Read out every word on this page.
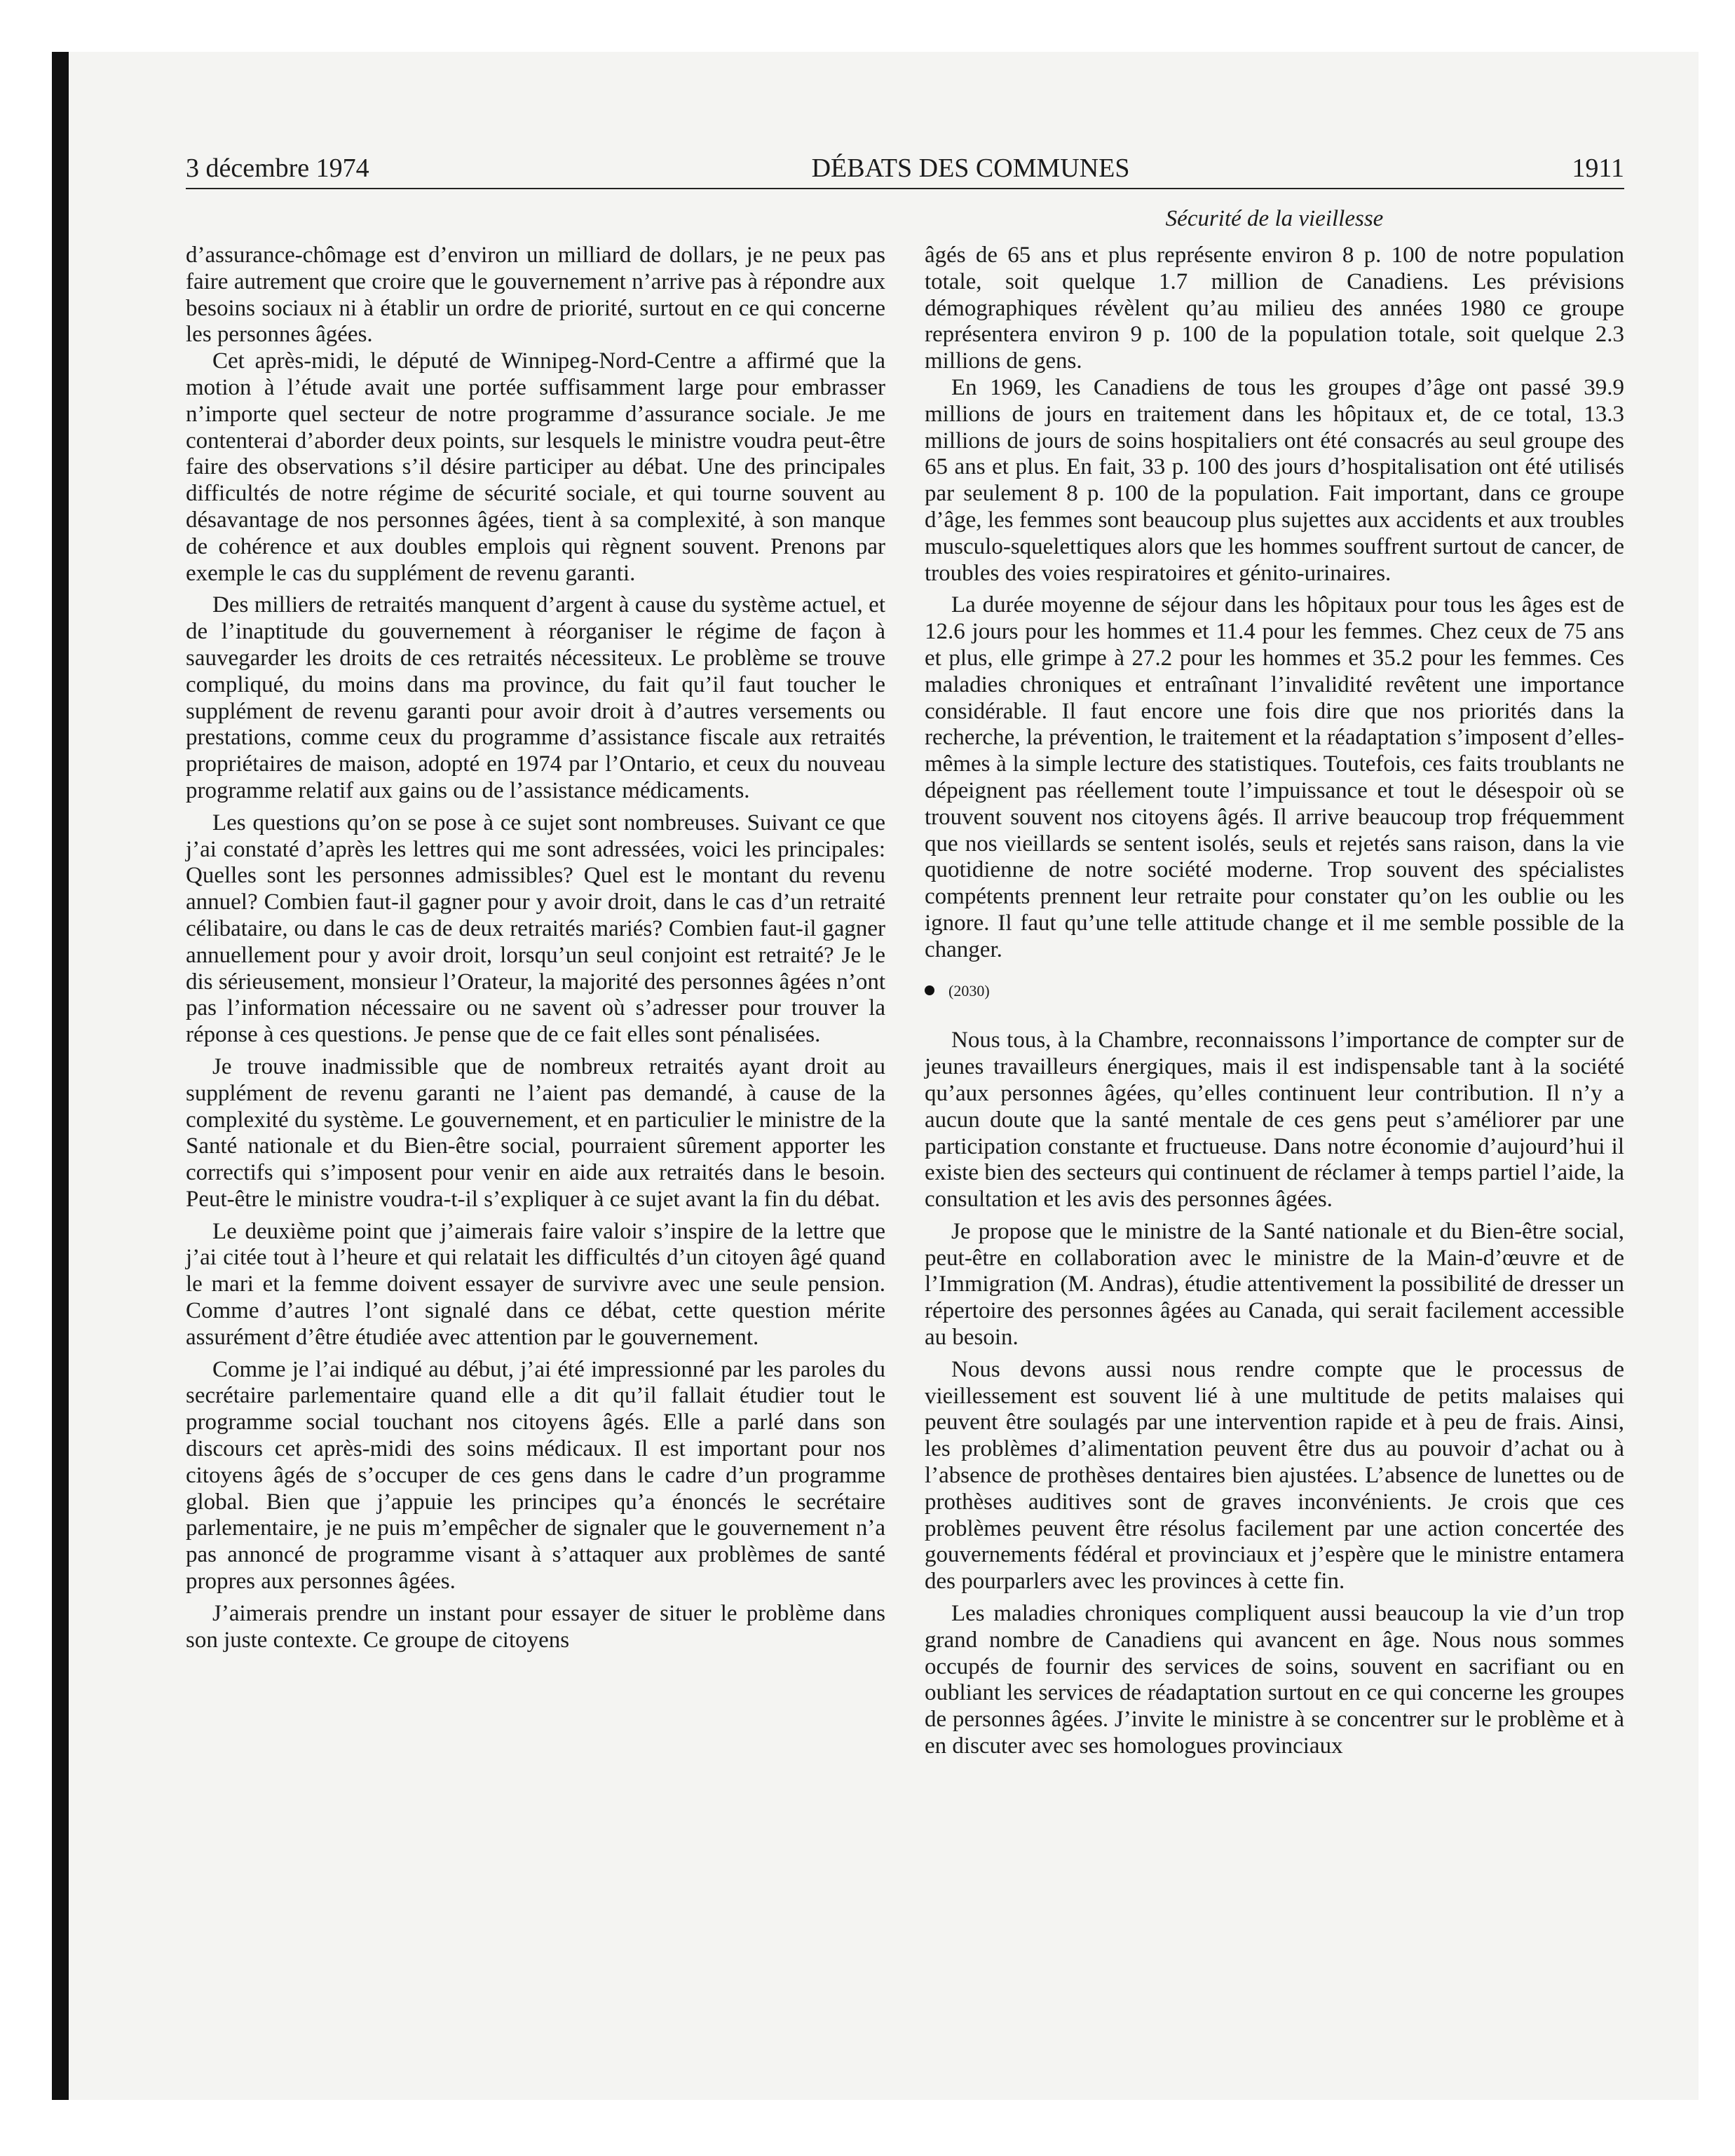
3 décembre 1974	DÉBATS DES COMMUNES	1911
Sécurité de la vieillesse

d’assurance-chômage est d’environ un milliard de dollars, je ne peux pas faire autrement que croire que le gouvernement n’arrive pas à répondre aux besoins sociaux ni à établir un ordre de priorité, surtout en ce qui concerne les personnes âgées.

Cet après-midi, le député de Winnipeg-Nord-Centre a affirmé que la motion à l’étude avait une portée suffisamment large pour embrasser n’importe quel secteur de notre programme d’assurance sociale. Je me contenterai d’aborder deux points, sur lesquels le ministre voudra peut-être faire des observations s’il désire participer au débat. Une des principales difficultés de notre régime de sécurité sociale, et qui tourne souvent au désavantage de nos personnes âgées, tient à sa complexité, à son manque de cohérence et aux doubles emplois qui règnent souvent. Prenons par exemple le cas du supplément de revenu garanti.

Des milliers de retraités manquent d’argent à cause du système actuel, et de l’inaptitude du gouvernement à réorganiser le régime de façon à sauvegarder les droits de ces retraités nécessiteux. Le problème se trouve compliqué, du moins dans ma province, du fait qu’il faut toucher le supplément de revenu garanti pour avoir droit à d’autres versements ou prestations, comme ceux du programme d’assistance fiscale aux retraités propriétaires de maison, adopté en 1974 par l’Ontario, et ceux du nouveau programme relatif aux gains ou de l’assistance médicaments.

Les questions qu’on se pose à ce sujet sont nombreuses. Suivant ce que j’ai constaté d’après les lettres qui me sont adressées, voici les principales: Quelles sont les personnes admissibles? Quel est le montant du revenu annuel? Combien faut-il gagner pour y avoir droit, dans le cas d’un retraité célibataire, ou dans le cas de deux retraités mariés? Combien faut-il gagner annuellement pour y avoir droit, lorsqu’un seul conjoint est retraité? Je le dis sérieusement, monsieur l’Orateur, la majorité des personnes âgées n’ont pas l’information nécessaire ou ne savent où s’adresser pour trouver la réponse à ces questions. Je pense que de ce fait elles sont pénalisées.

Je trouve inadmissible que de nombreux retraités ayant droit au supplément de revenu garanti ne l’aient pas demandé, à cause de la complexité du système. Le gouvernement, et en particulier le ministre de la Santé nationale et du Bien-être social, pourraient sûrement apporter les correctifs qui s’imposent pour venir en aide aux retraités dans le besoin. Peut-être le ministre voudra-t-il s’expliquer à ce sujet avant la fin du débat.

Le deuxième point que j’aimerais faire valoir s’inspire de la lettre que j’ai citée tout à l’heure et qui relatait les difficultés d’un citoyen âgé quand le mari et la femme doivent essayer de survivre avec une seule pension. Comme d’autres l’ont signalé dans ce débat, cette question mérite assurément d’être étudiée avec attention par le gouvernement.

Comme je l’ai indiqué au début, j’ai été impressionné par les paroles du secrétaire parlementaire quand elle a dit qu’il fallait étudier tout le programme social touchant nos citoyens âgés. Elle a parlé dans son discours cet après-midi des soins médicaux. Il est important pour nos citoyens âgés de s’occuper de ces gens dans le cadre d’un programme global. Bien que j’appuie les principes qu’a énoncés le secrétaire parlementaire, je ne puis m’empêcher de signaler que le gouvernement n’a pas annoncé de programme visant à s’attaquer aux problèmes de santé propres aux personnes âgées.

J’aimerais prendre un instant pour essayer de situer le problème dans son juste contexte. Ce groupe de citoyens

âgés de 65 ans et plus représente environ 8 p. 100 de notre population totale, soit quelque 1.7 million de Canadiens. Les prévisions démographiques révèlent qu’au milieu des années 1980 ce groupe représentera environ 9 p. 100 de la population totale, soit quelque 2.3 millions de gens.

En 1969, les Canadiens de tous les groupes d’âge ont passé 39.9 millions de jours en traitement dans les hôpitaux et, de ce total, 13.3 millions de jours de soins hospitaliers ont été consacrés au seul groupe des 65 ans et plus. En fait, 33 p. 100 des jours d’hospitalisation ont été utilisés par seulement 8 p. 100 de la population. Fait important, dans ce groupe d’âge, les femmes sont beaucoup plus sujettes aux accidents et aux troubles musculo-squelettiques alors que les hommes souffrent surtout de cancer, de troubles des voies respiratoires et génito-urinaires.

La durée moyenne de séjour dans les hôpitaux pour tous les âges est de 12.6 jours pour les hommes et 11.4 pour les femmes. Chez ceux de 75 ans et plus, elle grimpe à 27.2 pour les hommes et 35.2 pour les femmes. Ces maladies chroniques et entraînant l’invalidité revêtent une importance considérable. Il faut encore une fois dire que nos priorités dans la recherche, la prévention, le traitement et la réadaptation s’imposent d’elles-mêmes à la simple lecture des statistiques. Toutefois, ces faits troublants ne dépeignent pas réellement toute l’impuissance et tout le désespoir où se trouvent souvent nos citoyens âgés. Il arrive beaucoup trop fréquemment que nos vieillards se sentent isolés, seuls et rejetés sans raison, dans la vie quotidienne de notre société moderne. Trop souvent des spécialistes compétents prennent leur retraite pour constater qu’on les oublie ou les ignore. Il faut qu’une telle attitude change et il me semble possible de la changer.

(2030)

Nous tous, à la Chambre, reconnaissons l’importance de compter sur de jeunes travailleurs énergiques, mais il est indispensable tant à la société qu’aux personnes âgées, qu’elles continuent leur contribution. Il n’y a aucun doute que la santé mentale de ces gens peut s’améliorer par une participation constante et fructueuse. Dans notre économie d’aujourd’hui il existe bien des secteurs qui continuent de réclamer à temps partiel l’aide, la consultation et les avis des personnes âgées.

Je propose que le ministre de la Santé nationale et du Bien-être social, peut-être en collaboration avec le ministre de la Main-d’œuvre et de l’Immigration (M. Andras), étudie attentivement la possibilité de dresser un répertoire des personnes âgées au Canada, qui serait facilement accessible au besoin.

Nous devons aussi nous rendre compte que le processus de vieillessement est souvent lié à une multitude de petits malaises qui peuvent être soulagés par une intervention rapide et à peu de frais. Ainsi, les problèmes d’alimentation peuvent être dus au pouvoir d’achat ou à l’absence de prothèses dentaires bien ajustées. L’absence de lunettes ou de prothèses auditives sont de graves inconvénients. Je crois que ces problèmes peuvent être résolus facilement par une action concertée des gouvernements fédéral et provinciaux et j’espère que le ministre entamera des pourparlers avec les provinces à cette fin.

Les maladies chroniques compliquent aussi beaucoup la vie d’un trop grand nombre de Canadiens qui avancent en âge. Nous nous sommes occupés de fournir des services de soins, souvent en sacrifiant ou en oubliant les services de réadaptation surtout en ce qui concerne les groupes de personnes âgées. J’invite le ministre à se concentrer sur le problème et à en discuter avec ses homologues provinciaux
